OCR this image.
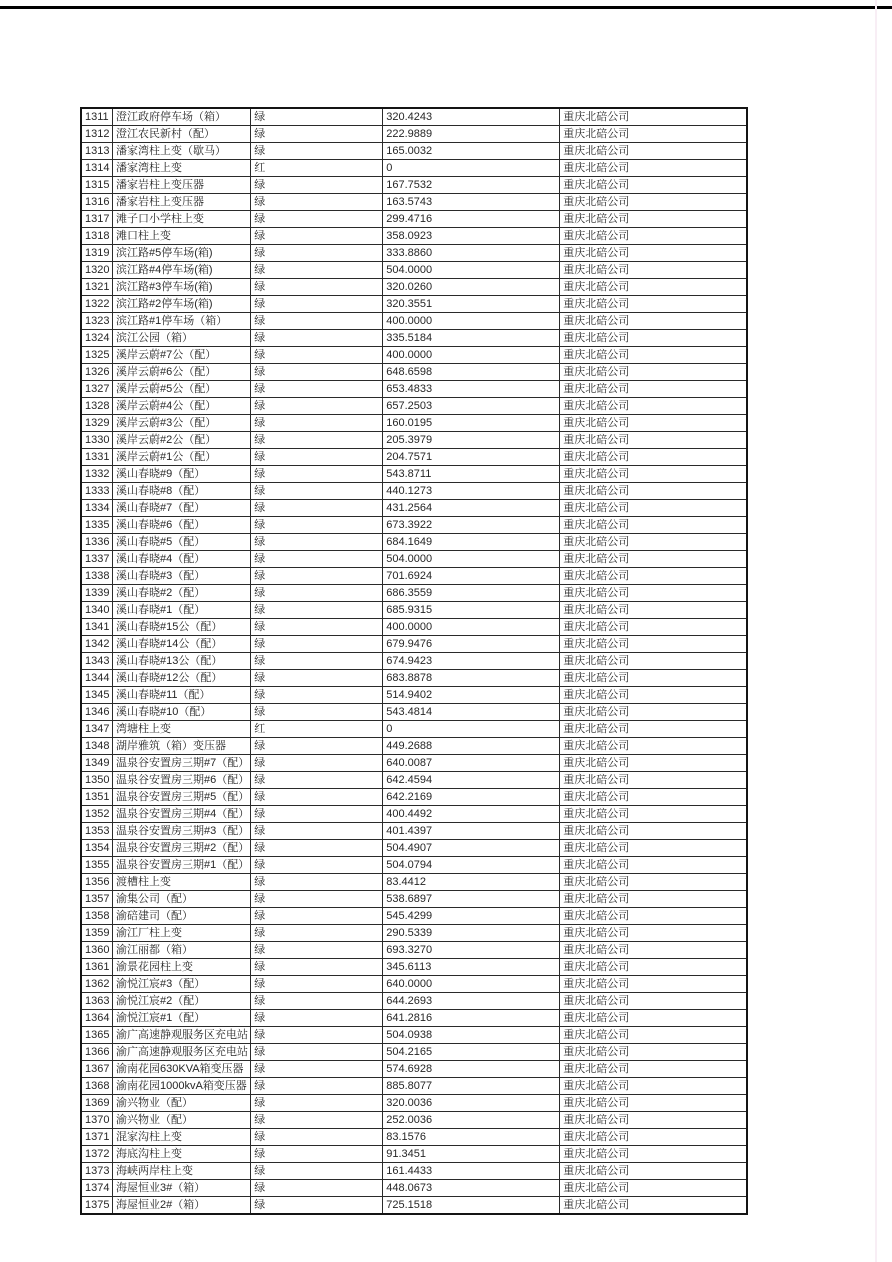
1311	澄江政府停车场（箱）	绿	320.4243	重庆北碚公司
1312	澄江农民新村（配）	绿	222.9889	重庆北碚公司
1313	潘家湾柱上变（歇马）	绿	165.0032	重庆北碚公司
1314	潘家湾柱上变	红	0	重庆北碚公司
1315	潘家岩柱上变压器	绿	167.7532	重庆北碚公司
1316	潘家岩柱上变压器	绿	163.5743	重庆北碚公司
1317	滩子口小学柱上变	绿	299.4716	重庆北碚公司
1318	滩口柱上变	绿	358.0923	重庆北碚公司
1319	滨江路#5停车场(箱)	绿	333.8860	重庆北碚公司
1320	滨江路#4停车场(箱)	绿	504.0000	重庆北碚公司
1321	滨江路#3停车场(箱)	绿	320.0260	重庆北碚公司
1322	滨江路#2停车场(箱)	绿	320.3551	重庆北碚公司
1323	滨江路#1停车场（箱）	绿	400.0000	重庆北碚公司
1324	滨江公园（箱）	绿	335.5184	重庆北碚公司
1325	溪岸云蔚#7公（配）	绿	400.0000	重庆北碚公司
1326	溪岸云蔚#6公（配）	绿	648.6598	重庆北碚公司
1327	溪岸云蔚#5公（配）	绿	653.4833	重庆北碚公司
1328	溪岸云蔚#4公（配）	绿	657.2503	重庆北碚公司
1329	溪岸云蔚#3公（配）	绿	160.0195	重庆北碚公司
1330	溪岸云蔚#2公（配）	绿	205.3979	重庆北碚公司
1331	溪岸云蔚#1公（配）	绿	204.7571	重庆北碚公司
1332	溪山春晓#9（配）	绿	543.8711	重庆北碚公司
1333	溪山春晓#8（配）	绿	440.1273	重庆北碚公司
1334	溪山春晓#7（配）	绿	431.2564	重庆北碚公司
1335	溪山春晓#6（配）	绿	673.3922	重庆北碚公司
1336	溪山春晓#5（配）	绿	684.1649	重庆北碚公司
1337	溪山春晓#4（配）	绿	504.0000	重庆北碚公司
1338	溪山春晓#3（配）	绿	701.6924	重庆北碚公司
1339	溪山春晓#2（配）	绿	686.3559	重庆北碚公司
1340	溪山春晓#1（配）	绿	685.9315	重庆北碚公司
1341	溪山春晓#15公（配）	绿	400.0000	重庆北碚公司
1342	溪山春晓#14公（配）	绿	679.9476	重庆北碚公司
1343	溪山春晓#13公（配）	绿	674.9423	重庆北碚公司
1344	溪山春晓#12公（配）	绿	683.8878	重庆北碚公司
1345	溪山春晓#11（配）	绿	514.9402	重庆北碚公司
1346	溪山春晓#10（配）	绿	543.4814	重庆北碚公司
1347	湾塘柱上变	红	0	重庆北碚公司
1348	湖岸雅筑（箱）变压器	绿	449.2688	重庆北碚公司
1349	温泉谷安置房三期#7（配）	绿	640.0087	重庆北碚公司
1350	温泉谷安置房三期#6（配）	绿	642.4594	重庆北碚公司
1351	温泉谷安置房三期#5（配）	绿	642.2169	重庆北碚公司
1352	温泉谷安置房三期#4（配）	绿	400.4492	重庆北碚公司
1353	温泉谷安置房三期#3（配）	绿	401.4397	重庆北碚公司
1354	温泉谷安置房三期#2（配）	绿	504.4907	重庆北碚公司
1355	温泉谷安置房三期#1（配）	绿	504.0794	重庆北碚公司
1356	渡槽柱上变	绿	83.4412	重庆北碚公司
1357	渝集公司（配）	绿	538.6897	重庆北碚公司
1358	渝碚建司（配）	绿	545.4299	重庆北碚公司
1359	渝江厂柱上变	绿	290.5339	重庆北碚公司
1360	渝江丽都（箱）	绿	693.3270	重庆北碚公司
1361	渝景花园柱上变	绿	345.6113	重庆北碚公司
1362	渝悦江宸#3（配）	绿	640.0000	重庆北碚公司
1363	渝悦江宸#2（配）	绿	644.2693	重庆北碚公司
1364	渝悦江宸#1（配）	绿	641.2816	重庆北碚公司
1365	渝广高速静观服务区充电站	绿	504.0938	重庆北碚公司
1366	渝广高速静观服务区充电站	绿	504.2165	重庆北碚公司
1367	渝南花园630KVA箱变压器	绿	574.6928	重庆北碚公司
1368	渝南花园1000kvA箱变压器	绿	885.8077	重庆北碚公司
1369	渝兴物业（配）	绿	320.0036	重庆北碚公司
1370	渝兴物业（配）	绿	252.0036	重庆北碚公司
1371	混家沟柱上变	绿	83.1576	重庆北碚公司
1372	海底沟柱上变	绿	91.3451	重庆北碚公司
1373	海峡两岸柱上变	绿	161.4433	重庆北碚公司
1374	海屋恒业3#（箱）	绿	448.0673	重庆北碚公司
1375	海屋恒业2#（箱）	绿	725.1518	重庆北碚公司
